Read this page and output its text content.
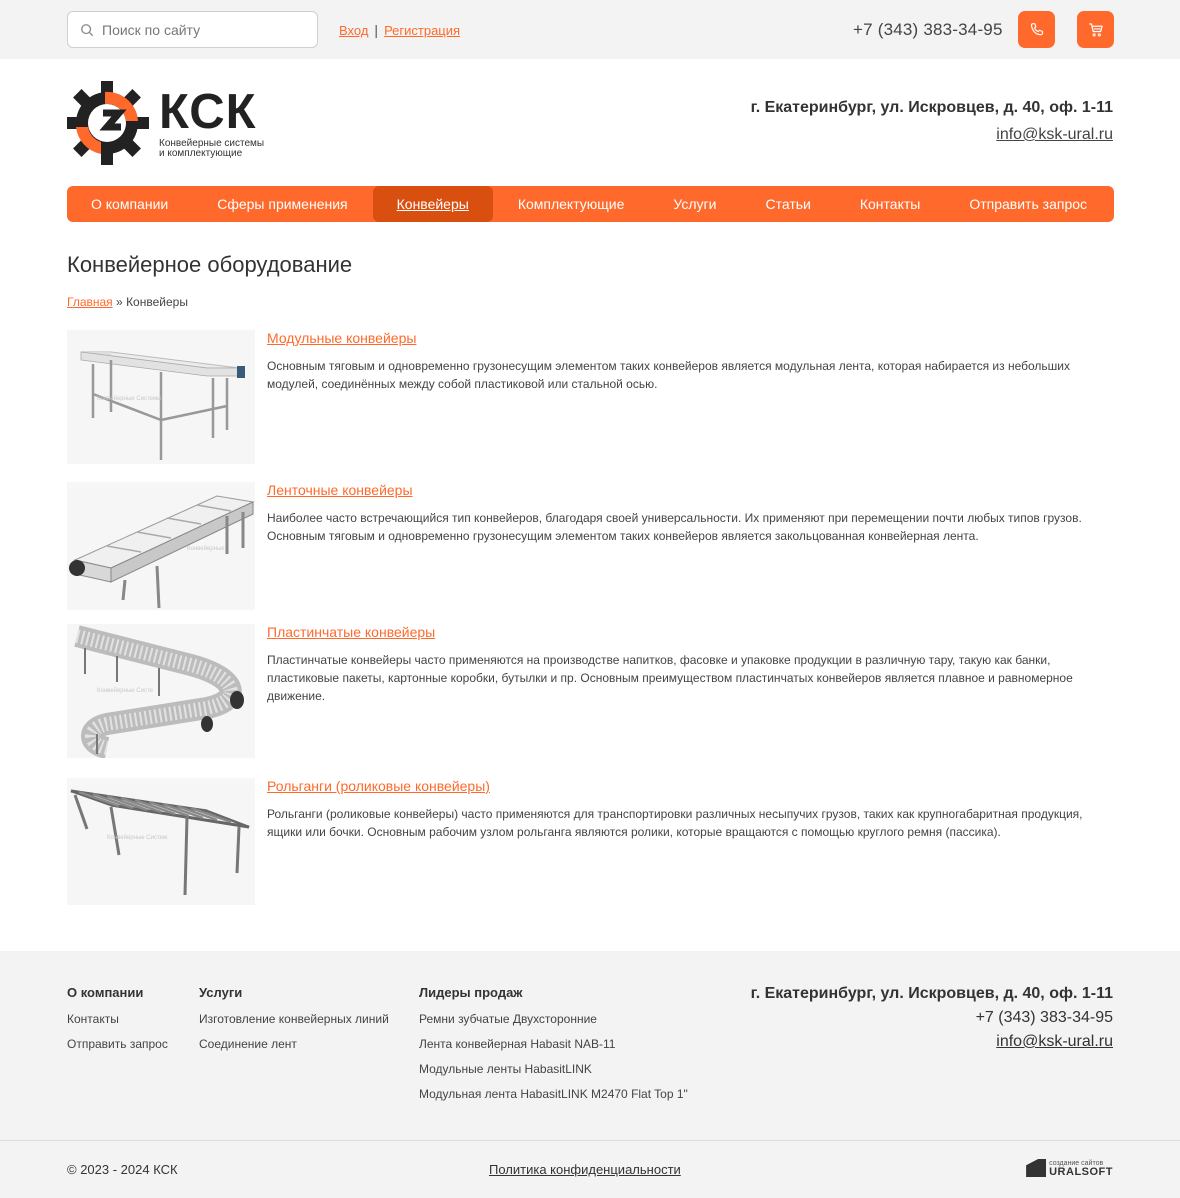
Поиск по сайту
Вход | Регистрация	+7 (343) 383-34-95
КСК
Конвейерные системы
и комплектующие
г. Екатеринбург, ул. Искровцев, д. 40, оф. 1-11
info@ksk-ural.ru
О компании	Сферы применения	Конвейеры	Комплектующие	Услуги	Статьи	Контакты	Отправить запрос
Конвейерное оборудование
Главная » Конвейеры
Конвейерные Системы
Модульные конвейеры

Основным тяговым и одновременно грузонесущим элементом таких конвейеров является модульная лента, которая набирается из небольших модулей, соединённых между собой пластиковой или стальной осью.

Конвейерные
Ленточные конвейеры

Наиболее часто встречающийся тип конвейеров, благодаря своей универсальности. Их применяют при перемещении почти любых типов грузов. Основным тяговым и одновременно грузонесущим элементом таких конвейеров является закольцованная конвейерная лента.

Конвейерные Систе
Пластинчатые конвейеры

Пластинчатые конвейеры часто применяются на производстве напитков, фасовке и упаковке продукции в различную тару, такую как банки, пластиковые пакеты, картонные коробки, бутылки и пр. Основным преимуществом пластинчатых конвейеров является плавное и равномерное движение.

Конвейерные Систем
Рольганги (роликовые конвейеры)

Рольганги (роликовые конвейеры) часто применяются для транспортировки различных несыпучих грузов, таких как крупногабаритная продукция, ящики или бочки. Основным рабочим узлом рольганга являются ролики, которые вращаются с помощью круглого ремня (пассика).

О компании
Контакты
Отправить запрос
Услуги
Изготовление конвейерных линий
Соединение лент
Лидеры продаж
Ремни зубчатые Двухсторонние
Лента конвейерная Habasit NAB-11
Модульные ленты HabasitLINK
Модульная лента HabasitLINK M2470 Flat Top 1"
г. Екатеринбург, ул. Искровцев, д. 40, оф. 1-11
+7 (343) 383-34-95
info@ksk-ural.ru
© 2023 - 2024 КСК	Политика конфиденциальности	создание сайтов
URALSOFT
